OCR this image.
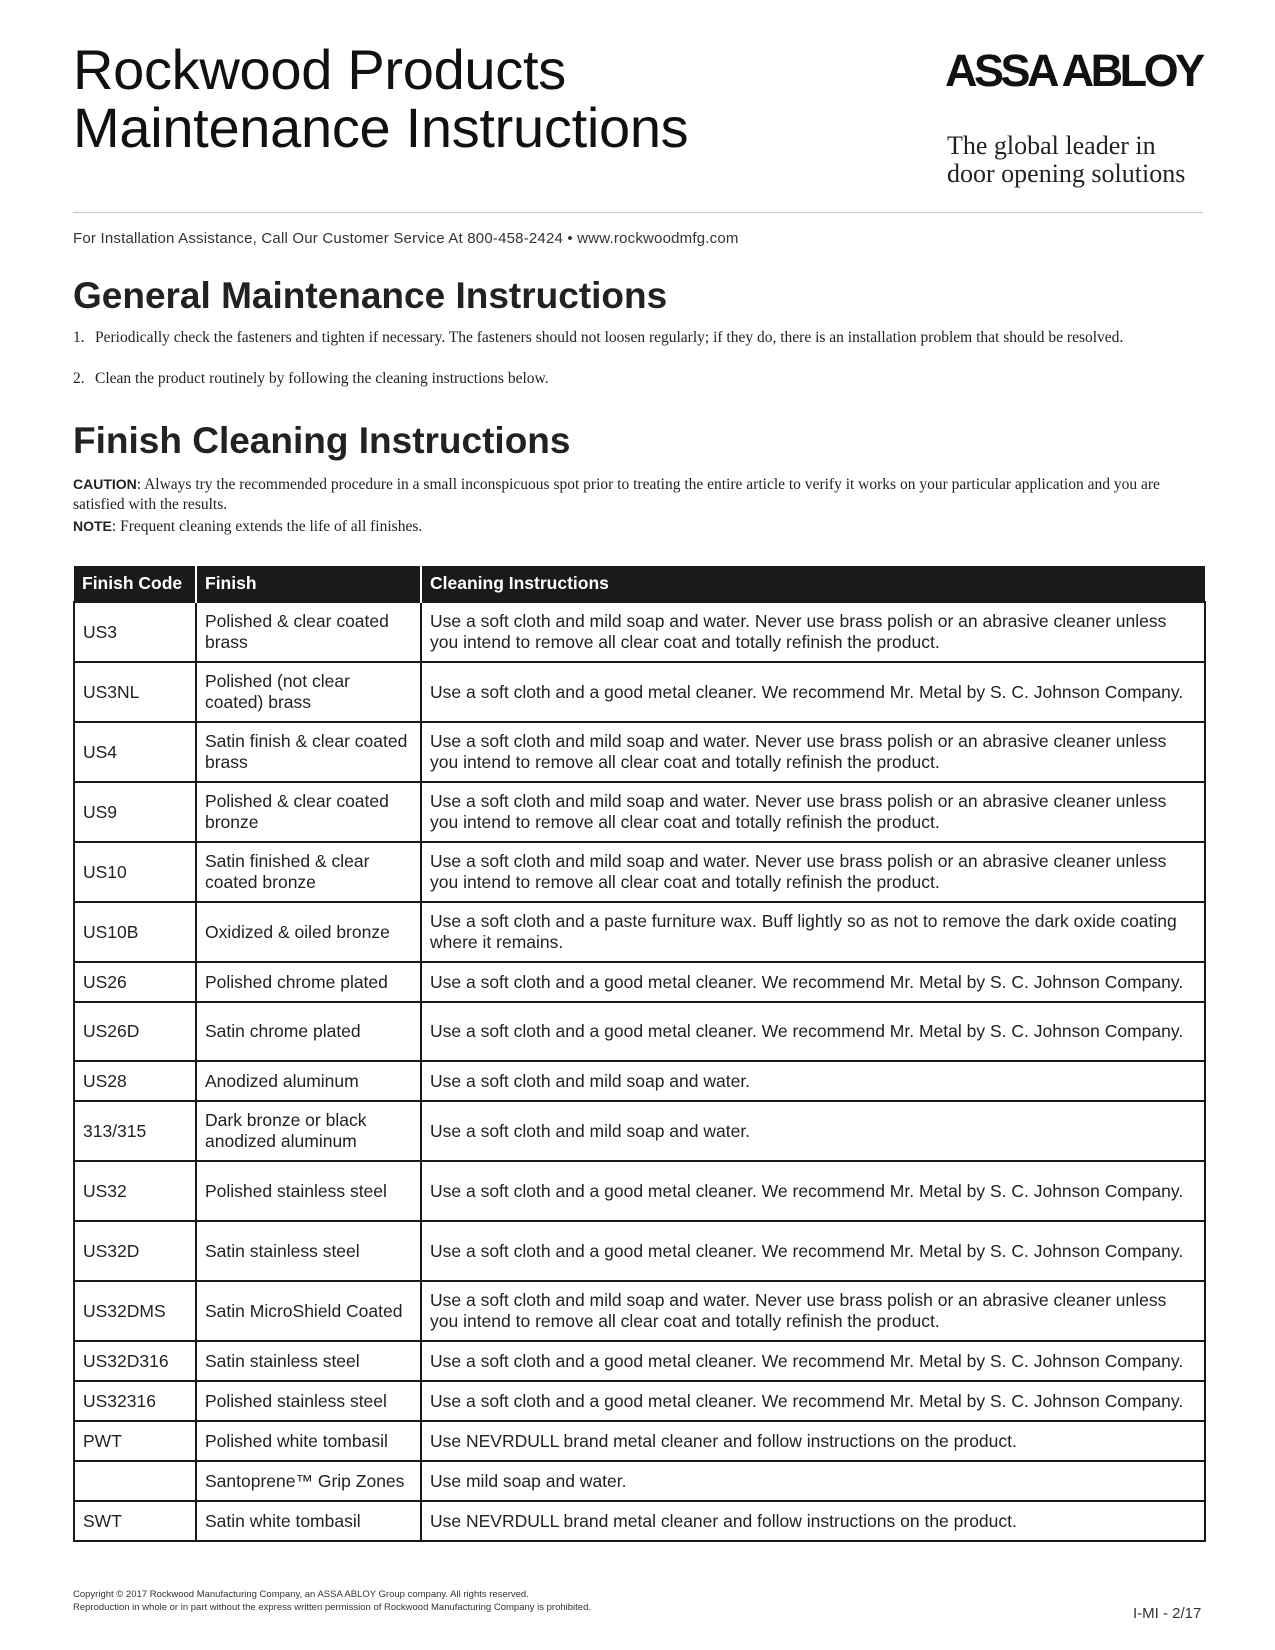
Rockwood Products
Maintenance Instructions
ASSA ABLOY
The global leader in
door opening solutions
For Installation Assistance, Call Our Customer Service At 800-458-2424 • www.rockwoodmfg.com
General Maintenance Instructions
1. Periodically check the fasteners and tighten if necessary. The fasteners should not loosen regularly; if they do, there is an installation problem that should be resolved.
2. Clean the product routinely by following the cleaning instructions below.
Finish Cleaning Instructions
CAUTION: Always try the recommended procedure in a small inconspicuous spot prior to treating the entire article to verify it works on your particular application and you are satisfied with the results.
NOTE: Frequent cleaning extends the life of all finishes.
Finish Code	Finish	Cleaning Instructions
US3	Polished & clear coated brass	Use a soft cloth and mild soap and water. Never use brass polish or an abrasive cleaner unless you intend to remove all clear coat and totally refinish the product.
US3NL	Polished (not clear coated) brass	Use a soft cloth and a good metal cleaner. We recommend Mr. Metal by S. C. Johnson Company.
US4	Satin finish & clear coated brass	Use a soft cloth and mild soap and water. Never use brass polish or an abrasive cleaner unless you intend to remove all clear coat and totally refinish the product.
US9	Polished & clear coated bronze	Use a soft cloth and mild soap and water. Never use brass polish or an abrasive cleaner unless you intend to remove all clear coat and totally refinish the product.
US10	Satin finished & clear coated bronze	Use a soft cloth and mild soap and water. Never use brass polish or an abrasive cleaner unless you intend to remove all clear coat and totally refinish the product.
US10B	Oxidized & oiled bronze	Use a soft cloth and a paste furniture wax. Buff lightly so as not to remove the dark oxide coating where it remains.
US26	Polished chrome plated	Use a soft cloth and a good metal cleaner. We recommend Mr. Metal by S. C. Johnson Company.
US26D	Satin chrome plated	Use a soft cloth and a good metal cleaner. We recommend Mr. Metal by S. C. Johnson Company.
US28	Anodized aluminum	Use a soft cloth and mild soap and water.
313/315	Dark bronze or black anodized aluminum	Use a soft cloth and mild soap and water.
US32	Polished stainless steel	Use a soft cloth and a good metal cleaner. We recommend Mr. Metal by S. C. Johnson Company.
US32D	Satin stainless steel	Use a soft cloth and a good metal cleaner. We recommend Mr. Metal by S. C. Johnson Company.
US32DMS	Satin MicroShield Coated	Use a soft cloth and mild soap and water. Never use brass polish or an abrasive cleaner unless you intend to remove all clear coat and totally refinish the product.
US32D316	Satin stainless steel	Use a soft cloth and a good metal cleaner. We recommend Mr. Metal by S. C. Johnson Company.
US32316	Polished stainless steel	Use a soft cloth and a good metal cleaner. We recommend Mr. Metal by S. C. Johnson Company.
PWT	Polished white tombasil	Use NEVRDULL brand metal cleaner and follow instructions on the product.
	Santoprene™ Grip Zones	Use mild soap and water.
SWT	Satin white tombasil	Use NEVRDULL brand metal cleaner and follow instructions on the product.
Copyright © 2017 Rockwood Manufacturing Company, an ASSA ABLOY Group company. All rights reserved.
Reproduction in whole or in part without the express written permission of Rockwood Manufacturing Company is prohibited.	I-MI - 2/17
